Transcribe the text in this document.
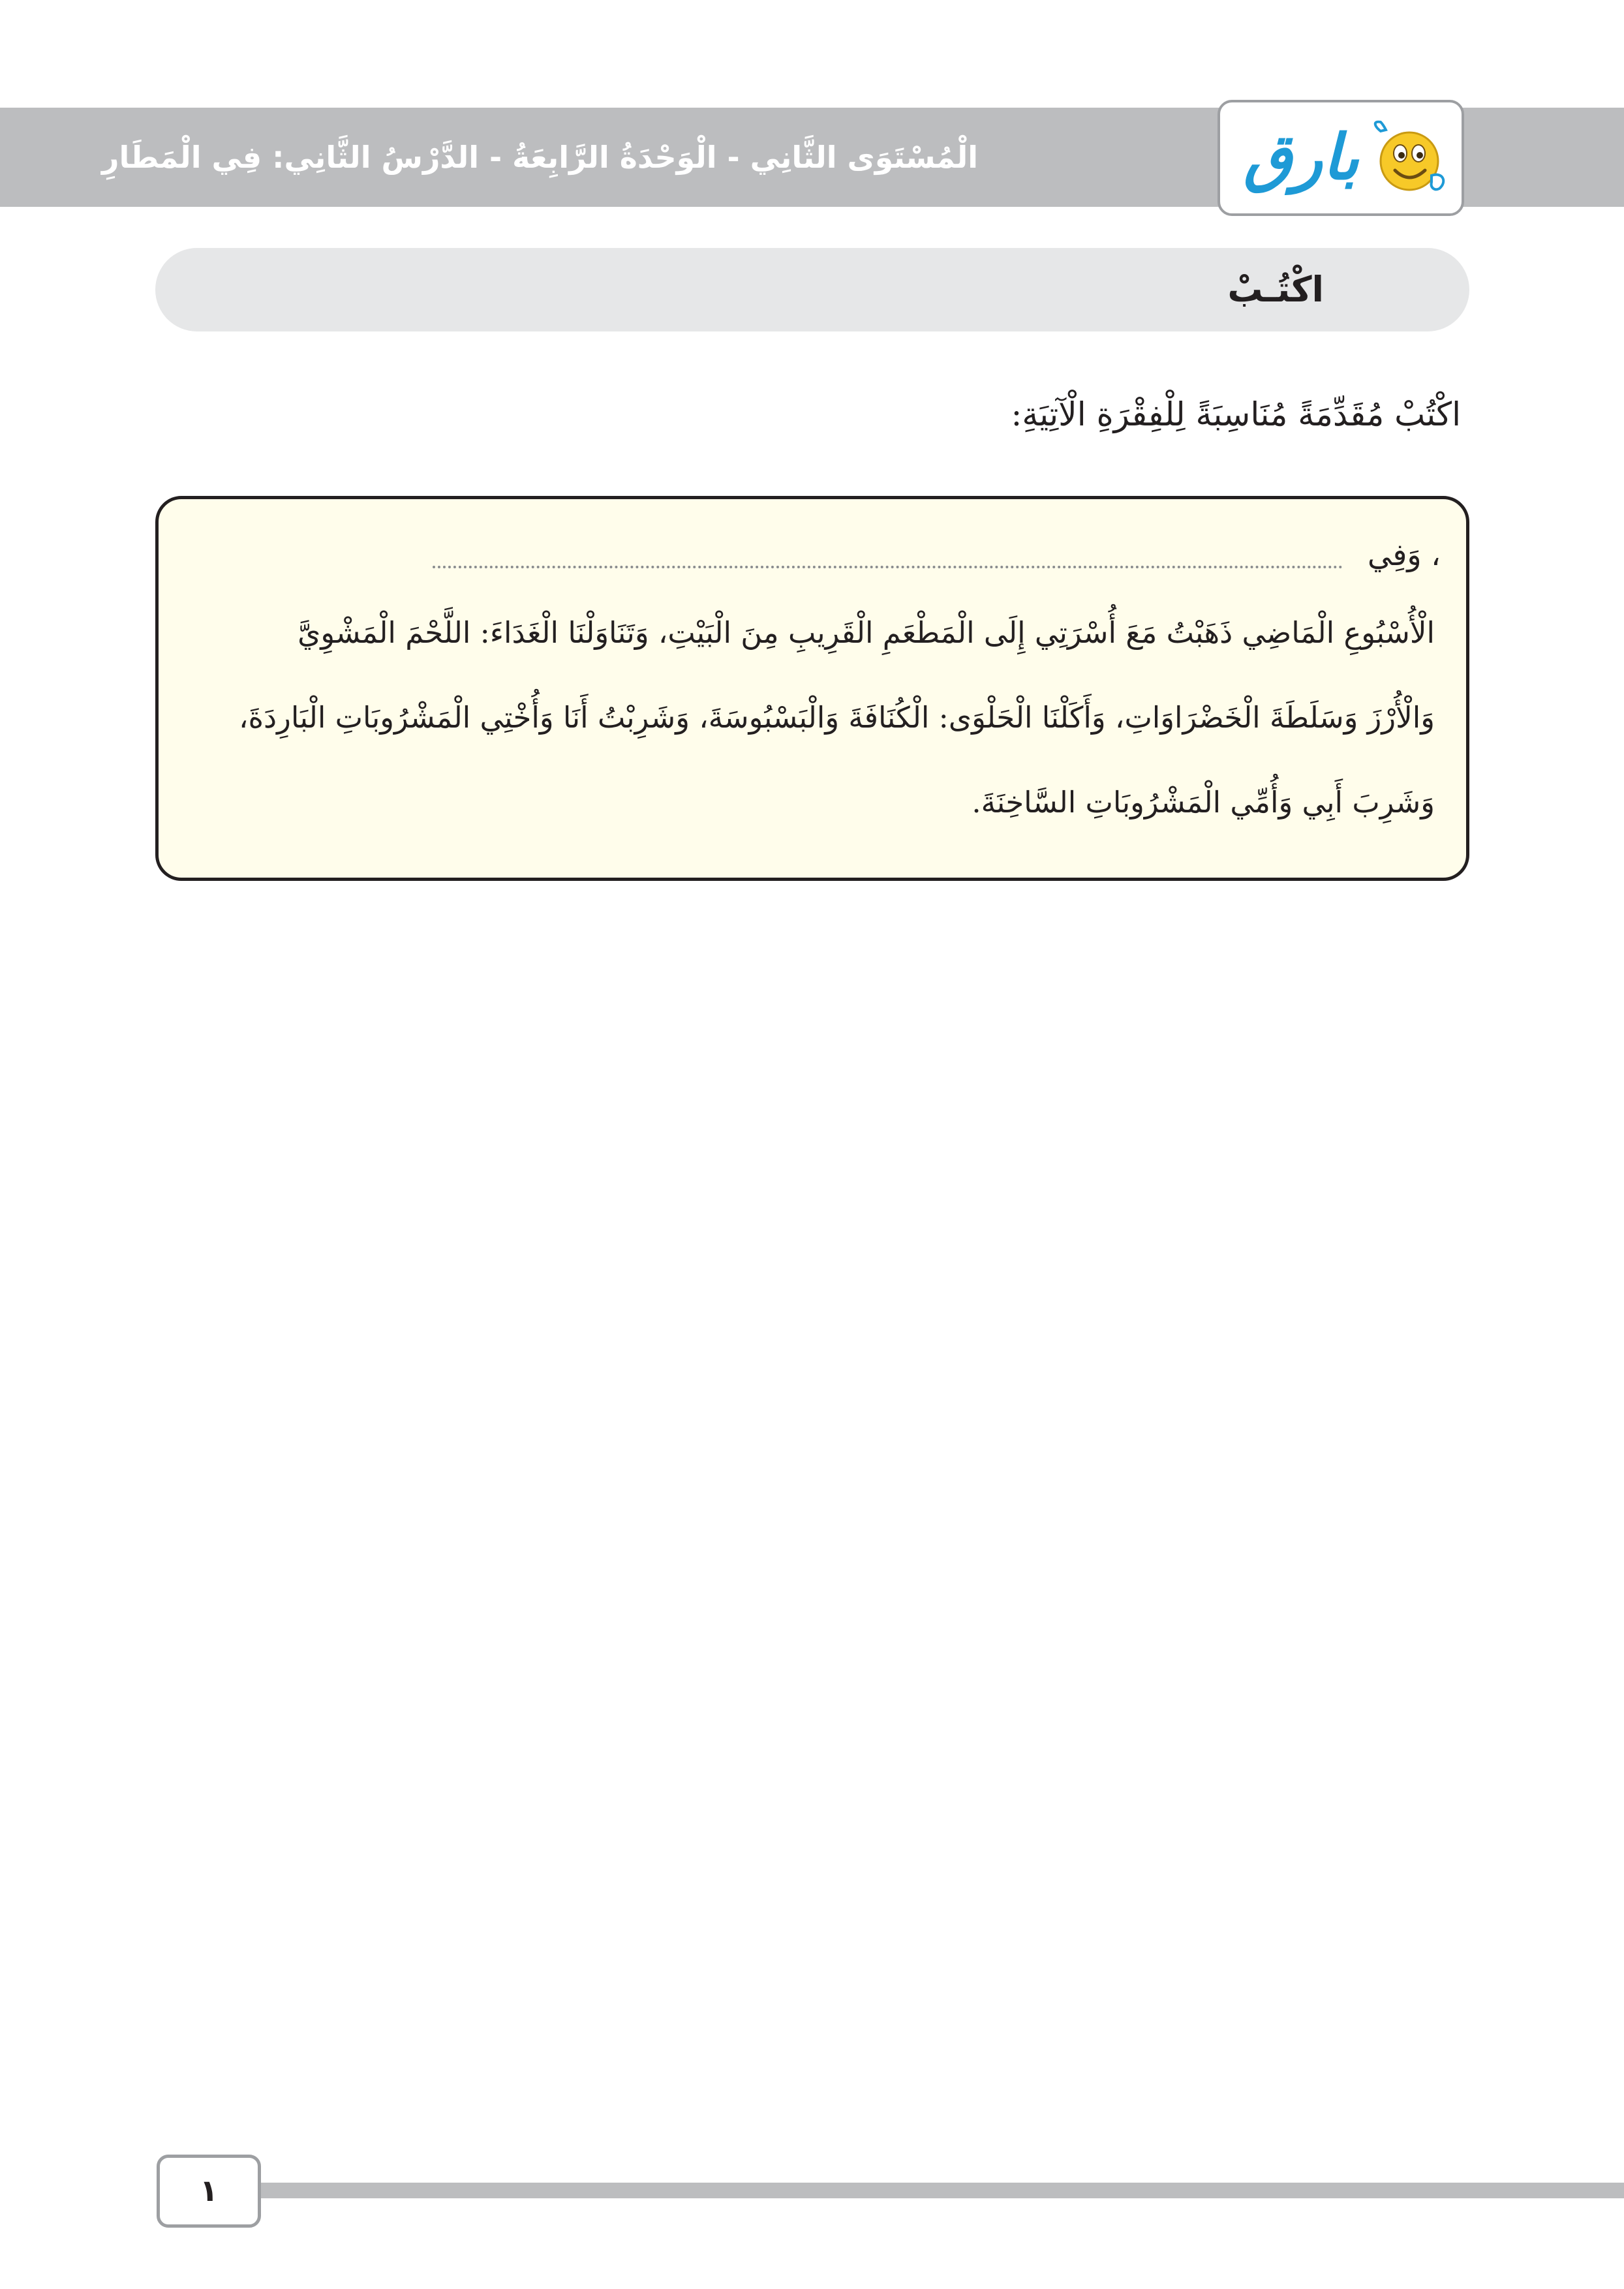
الْمُسْتَوَى الثَّانِي - الْوَحْدَةُ الرَّابِعَةُ - الدَّرْسُ الثَّانِي: فِي الْمَطَارِ	بارق
اكْتُـبْ
اكْتُبْ مُقَدِّمَةً مُنَاسِبَةً لِلْفِقْرَةِ الْآتِيَةِ:
، وَفِي
الْأُسْبُوعِ الْمَاضِي ذَهَبْتُ مَعَ أُسْرَتِي إِلَى الْمَطْعَمِ الْقَرِيبِ مِنَ الْبَيْتِ، وَتَنَاوَلْنَا الْغَدَاءَ: اللَّحْمَ الْمَشْوِيَّ
وَالْأُرْزَ وَسَلَطَةَ الْخَضْرَاوَاتِ، وَأَكَلْنَا الْحَلْوَى: الْكُنَافَةَ وَالْبَسْبُوسَةَ، وَشَرِبْتُ أَنَا وَأُخْتِي الْمَشْرُوبَاتِ الْبَارِدَةَ،
وَشَرِبَ أَبِي وَأُمِّي الْمَشْرُوبَاتِ السَّاخِنَةَ.
١
